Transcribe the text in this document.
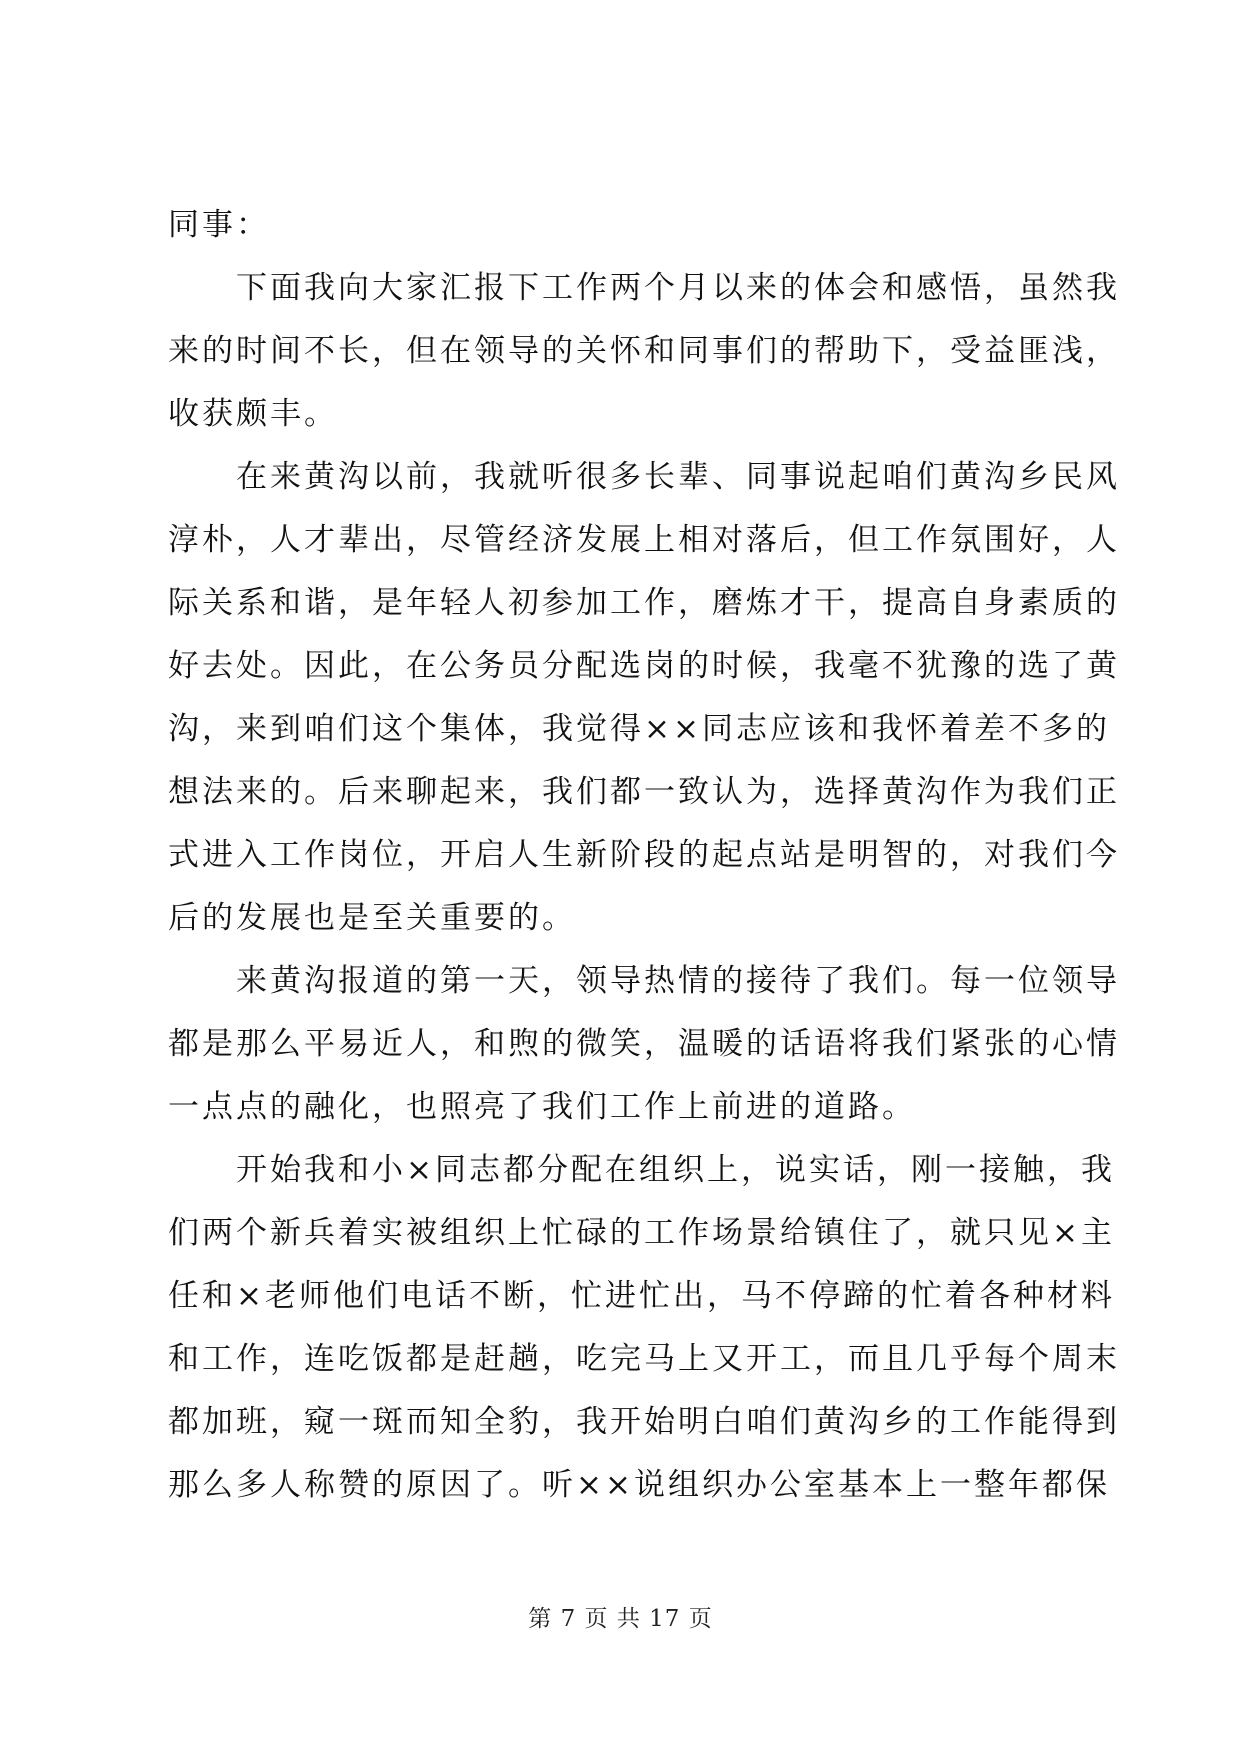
同事：
　　下面我向大家汇报下工作两个月以来的体会和感悟，虽然我
来的时间不长，但在领导的关怀和同事们的帮助下，受益匪浅，
收获颇丰。
　　在来黄沟以前，我就听很多长辈、同事说起咱们黄沟乡民风
淳朴，人才辈出，尽管经济发展上相对落后，但工作氛围好，人
际关系和谐，是年轻人初参加工作，磨炼才干，提高自身素质的
好去处。因此，在公务员分配选岗的时候，我毫不犹豫的选了黄
沟，来到咱们这个集体，我觉得××同志应该和我怀着差不多的
想法来的。后来聊起来，我们都一致认为，选择黄沟作为我们正
式进入工作岗位，开启人生新阶段的起点站是明智的，对我们今
后的发展也是至关重要的。
　　来黄沟报道的第一天，领导热情的接待了我们。每一位领导
都是那么平易近人，和煦的微笑，温暖的话语将我们紧张的心情
一点点的融化，也照亮了我们工作上前进的道路。
　　开始我和小×同志都分配在组织上，说实话，刚一接触，我
们两个新兵着实被组织上忙碌的工作场景给镇住了，就只见×主
任和×老师他们电话不断，忙进忙出，马不停蹄的忙着各种材料
和工作，连吃饭都是赶趟，吃完马上又开工，而且几乎每个周末
都加班，窥一斑而知全豹，我开始明白咱们黄沟乡的工作能得到
那么多人称赞的原因了。听××说组织办公室基本上一整年都保
第 7 页 共 17 页
